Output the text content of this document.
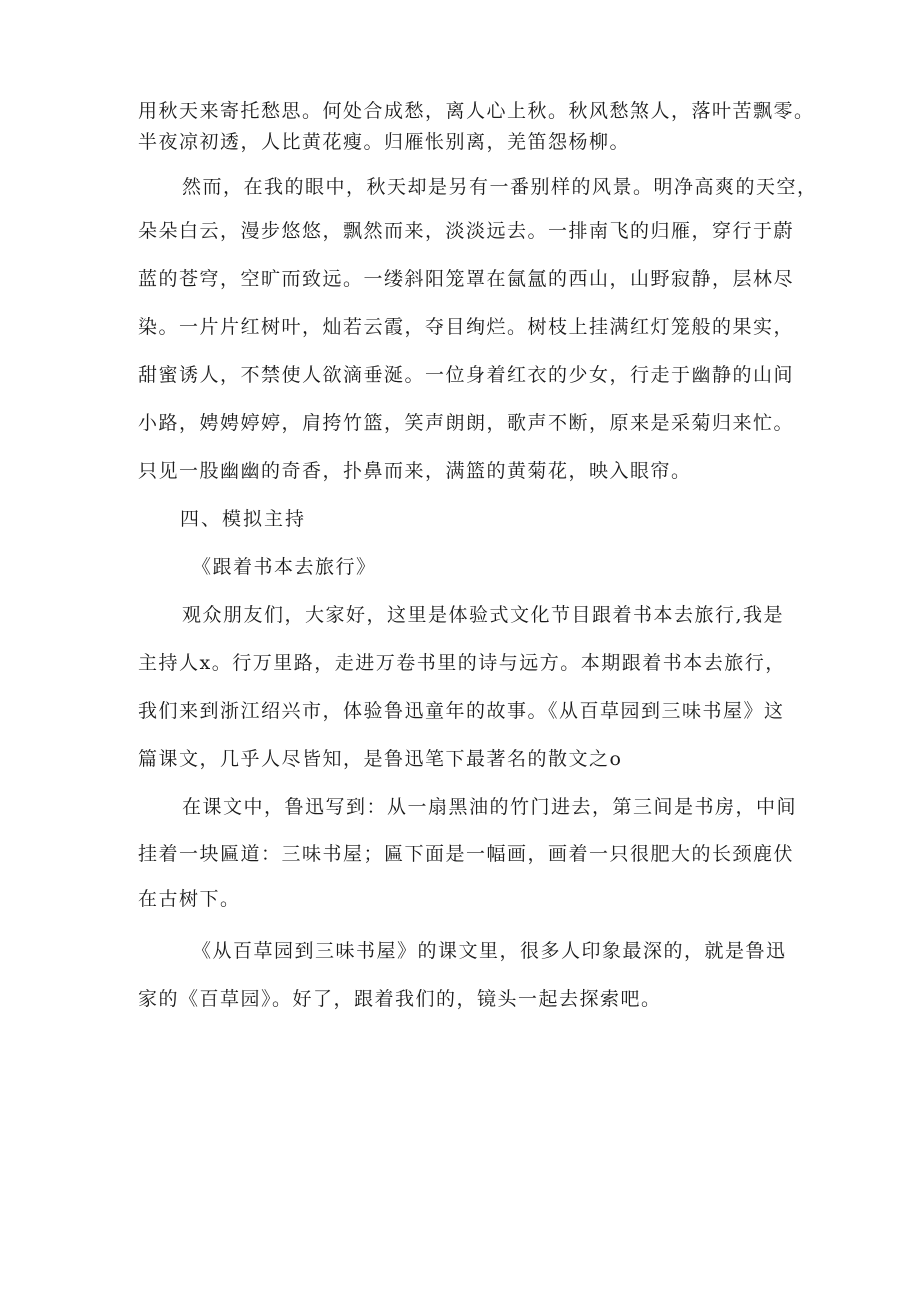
用秋天来寄托愁思。何处合成愁，离人心上秋。秋风愁煞人，落叶苦飘零。
半夜凉初透，人比黄花瘦。归雁怅别离，羌笛怨杨柳。
然而，在我的眼中，秋天却是另有一番别样的风景。明净高爽的天空，
朵朵白云，漫步悠悠，飘然而来，淡淡远去。一排南飞的归雁，穿行于蔚
蓝的苍穹，空旷而致远。一缕斜阳笼罩在氤氲的西山，山野寂静，层林尽
染。一片片红树叶，灿若云霞，夺目绚烂。树枝上挂满红灯笼般的果实，
甜蜜诱人，不禁使人欲滴垂涎。一位身着红衣的少女，行走于幽静的山间
小路，娉娉婷婷，肩挎竹篮，笑声朗朗，歌声不断，原来是采菊归来忙。
只见一股幽幽的奇香，扑鼻而来，满篮的黄菊花，映入眼帘。
四、模拟主持
《跟着书本去旅行》
观众朋友们，大家好，这里是体验式文化节目跟着书本去旅行,我是
主持人x。行万里路，走进万卷书里的诗与远方。本期跟着书本去旅行，
我们来到浙江绍兴市，体验鲁迅童年的故事。《从百草园到三味书屋》这
篇课文，几乎人尽皆知，是鲁迅笔下最著名的散文之o
在课文中，鲁迅写到：从一扇黑油的竹门进去，第三间是书房，中间
挂着一块匾道：三味书屋；匾下面是一幅画，画着一只很肥大的长颈鹿伏
在古树下。
《从百草园到三味书屋》的课文里，很多人印象最深的，就是鲁迅
家的《百草园》。好了，跟着我们的，镜头一起去探索吧。
